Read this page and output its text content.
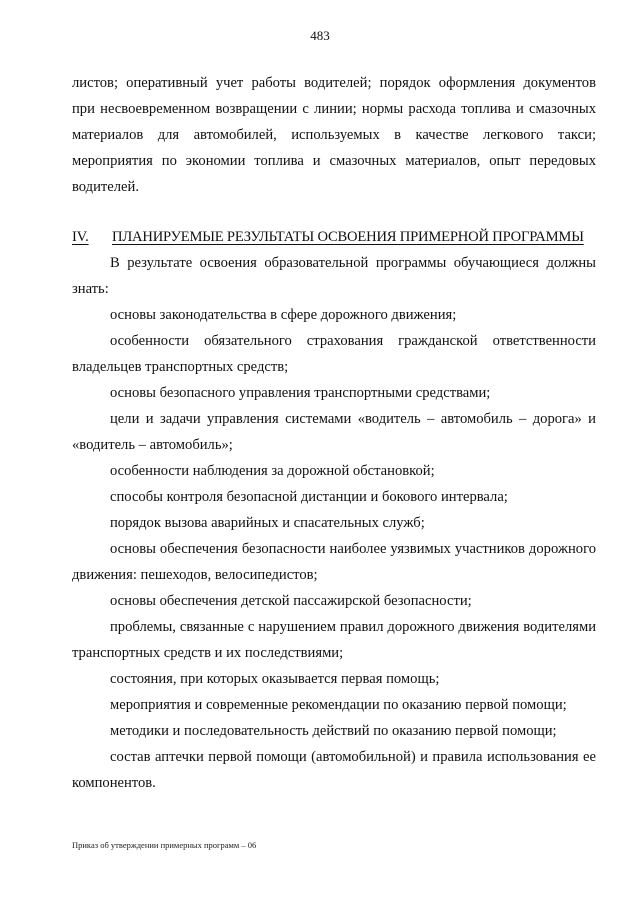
483

листов; оперативный учет работы водителей; порядок оформления документов
при несвоевременном возвращении с линии; нормы расхода топлива и смазочных
материалов для автомобилей, используемых в качестве легкового такси;
мероприятия по экономии топлива и смазочных материалов, опыт передовых
водителей.

IV. ПЛАНИРУЕМЫЕ РЕЗУЛЬТАТЫ ОСВОЕНИЯ ПРИМЕРНОЙ ПРОГРАММЫ

В результате освоения образовательной программы обучающиеся должны
знать:

основы законодательства в сфере дорожного движения;

особенности обязательного страхования гражданской ответственности
владельцев транспортных средств;

основы безопасного управления транспортными средствами;

цели и задачи управления системами «водитель – автомобиль – дорога» и
«водитель – автомобиль»;

особенности наблюдения за дорожной обстановкой;

способы контроля безопасной дистанции и бокового интервала;

порядок вызова аварийных и спасательных служб;

основы обеспечения безопасности наиболее уязвимых участников дорожного
движения: пешеходов, велосипедистов;

основы обеспечения детской пассажирской безопасности;

проблемы, связанные с нарушением правил дорожного движения водителями
транспортных средств и их последствиями;

состояния, при которых оказывается первая помощь;

мероприятия и современные рекомендации по оказанию первой помощи;

методики и последовательность действий по оказанию первой помощи;

состав аптечки первой помощи (автомобильной) и правила использования ее
компонентов.

Приказ об утверждении примерных программ – 06
